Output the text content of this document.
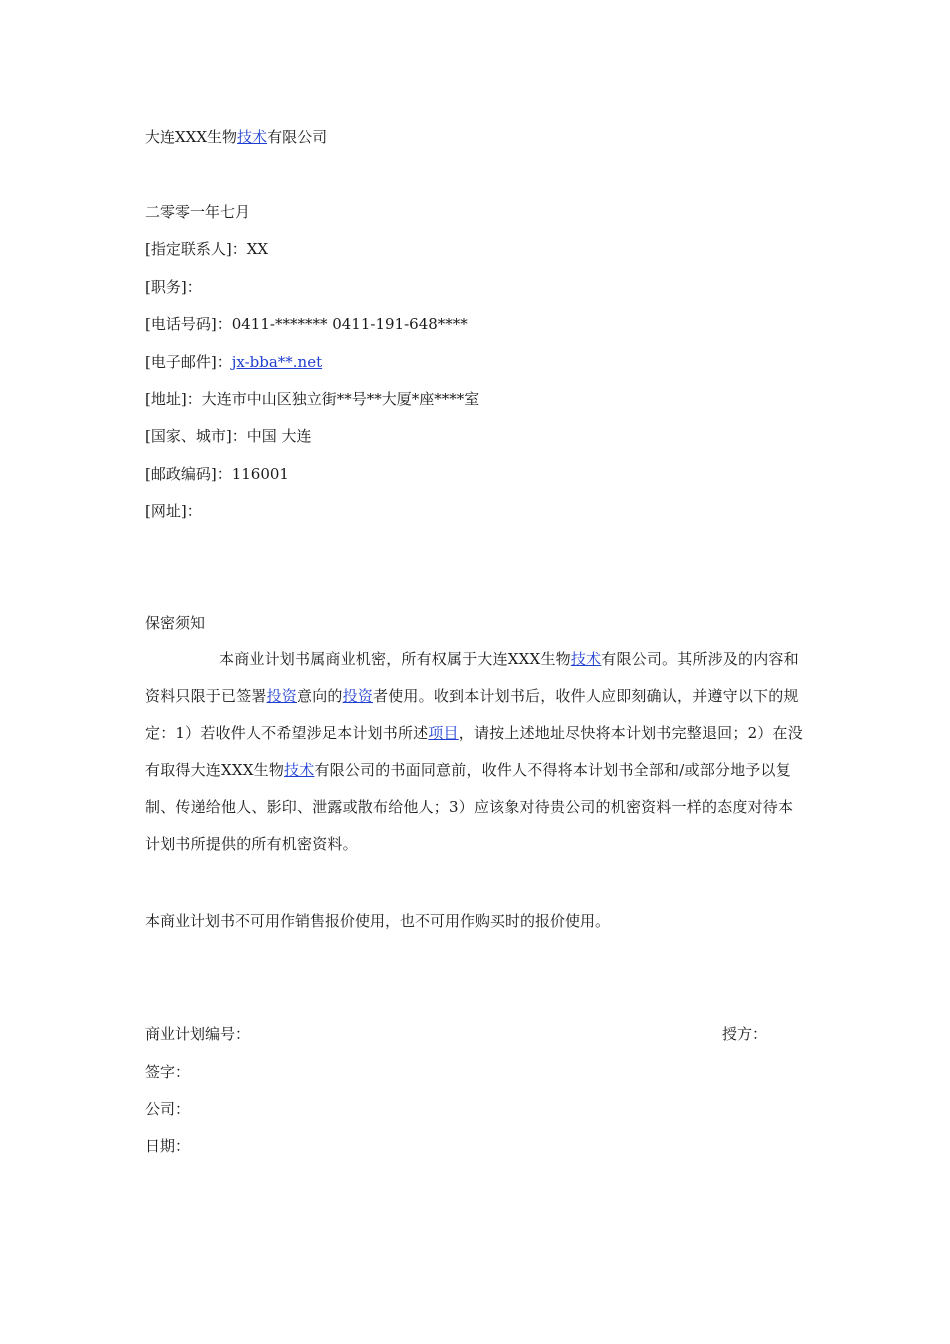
大连XXX生物技术有限公司
二零零一年七月
[指定联系人]：XX
[职务]：
[电话号码]：0411-******* 0411-191-648****
[电子邮件]：jx-bba**.net
[地址]：大连市中山区独立街**号**大厦*座****室
[国家、城市]：中国 大连
[邮政编码]：116001
[网址]：
保密须知
本商业计划书属商业机密，所有权属于大连XXX生物技术有限公司。其所涉及的内容和资料只限于已签署投资意向的投资者使用。收到本计划书后，收件人应即刻确认，并遵守以下的规定：1）若收件人不希望涉足本计划书所述项目，请按上述地址尽快将本计划书完整退回；2）在没有取得大连XXX生物技术有限公司的书面同意前，收件人不得将本计划书全部和/或部分地予以复制、传递给他人、影印、泄露或散布给他人；3）应该象对待贵公司的机密资料一样的态度对待本计划书所提供的所有机密资料。
本商业计划书不可用作销售报价使用，也不可用作购买时的报价使用。
商业计划编号：	授方：
签字：
公司：
日期：
